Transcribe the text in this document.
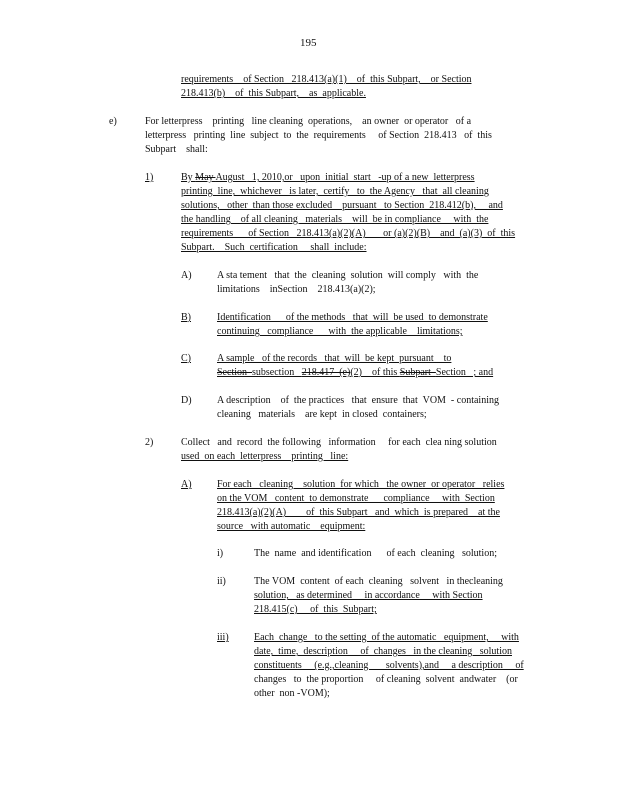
195
requirements    of Section   218.413(a)(1)    of  this Subpart,    or Section
218.413(b)    of  this Subpart,    as  applicable.
e)	For letterpress    printing   line cleaning  operations,    an owner  or operator   of a
letterpress   printing  line  subject  to  the  requirements     of Section  218.413   of  this
Subpart    shall:
1)	By May August   1, 2010,or   upon  initial  start   -up of a new  letterpress
printing  line,  whichever   is later,  certify   to  the Agency   that  all cleaning
solutions,   other  than those excluded    pursuant   to Section  218.412(b),     and
the handling    of all cleaning   materials    will  be in compliance     with  the
requirements      of Section   218.413(a)(2)(A)       or (a)(2)(B)    and  (a)(3)  of  this
Subpart.    Such  certification     shall  include:
A)	A sta tement   that  the  cleaning  solution  will comply   with  the
limitations    inSection    218.413(a)(2);
B)	Identification      of the methods   that  will  be used  to demonstrate
continuing   compliance      with  the applicable    limitations;
C)	A sample   of the records   that  will  be kept  pursuant    to
Section  subsection   218.417  (e)(2)    of this Subpart  Section   ; and
D)	A description    of  the practices   that  ensure  that  VOM  - containing
cleaning   materials    are kept  in closed  containers;
2)	Collect   and  record  the following   information     for each  clea ning solution
used  on each  letterpress    printing   line:
A)	For each   cleaning    solution  for which   the owner  or operator   relies
on the VOM   content  to demonstrate      compliance     with  Section
218.413(a)(2)(A)        of  this Subpart   and  which  is prepared    at the
source   with automatic    equipment:
i)	The  name  and identification      of each  cleaning   solution;
ii)	The VOM  content  of each  cleaning   solvent   in thecleaning
solution,   as determined     in accordance     with Section
218.415(c)     of  this  Subpart;
iii)	Each  change   to the setting  of the automatic   equipment,     with
date,  time,  description     of  changes   in the cleaning   solution
constituents     (e.g.,cleaning       solvents),and     a description     of
changes   to  the proportion     of cleaning  solvent  andwater    (or
other  non -VOM);
